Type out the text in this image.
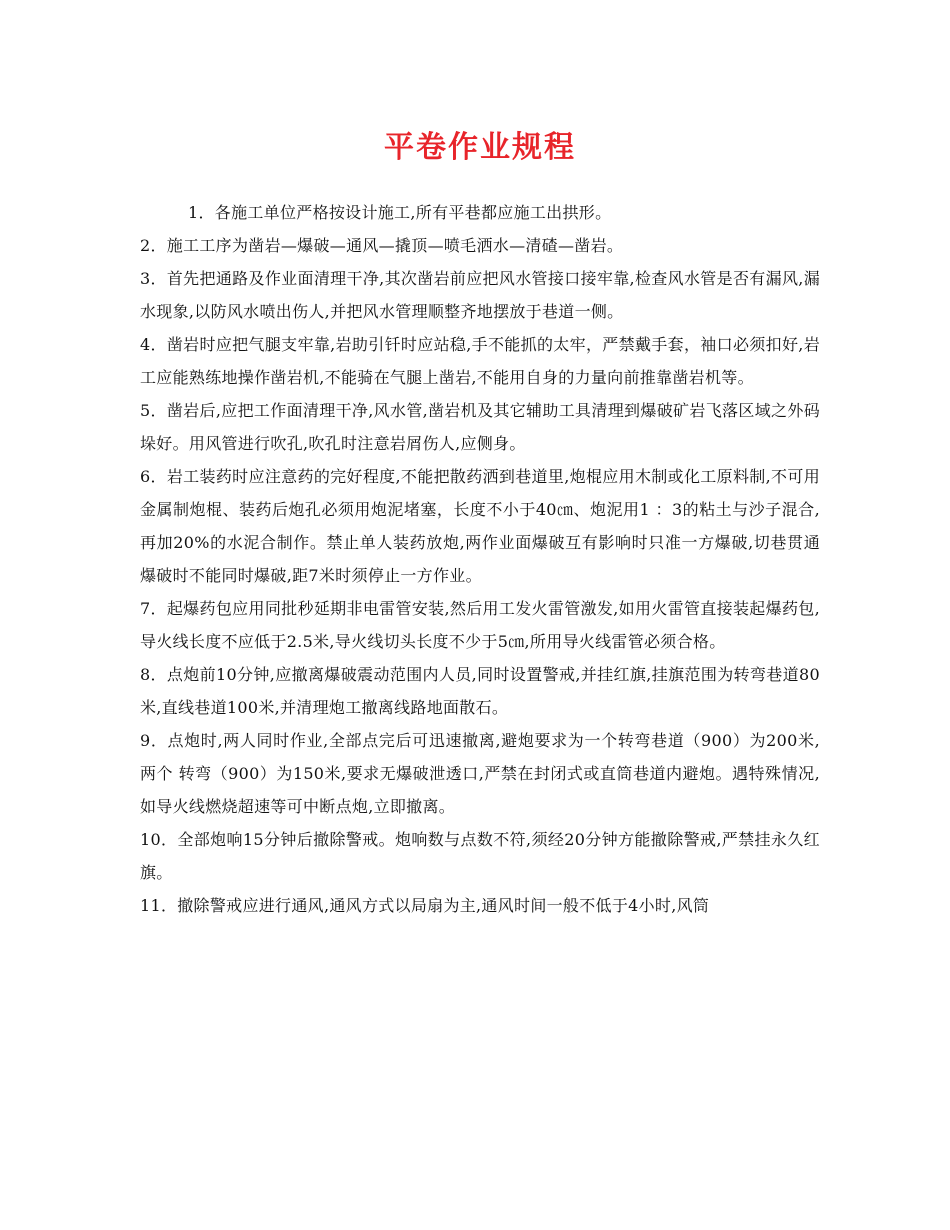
平卷作业规程

1．各施工单位严格按设计施工,所有平巷都应施工出拱形。

2．施工工序为凿岩—爆破—通风—撬顶—喷毛洒水—清碴—凿岩。

3．首先把通路及作业面清理干净,其次凿岩前应把风水管接口接牢靠,检查风水管是否有漏风,漏水现象,以防风水喷出伤人,并把风水管理顺整齐地摆放于巷道一侧。

4．凿岩时应把气腿支牢靠,岩助引钎时应站稳,手不能抓的太牢，严禁戴手套，袖口必须扣好,岩工应能熟练地操作凿岩机,不能骑在气腿上凿岩,不能用自身的力量向前推靠凿岩机等。

5．凿岩后,应把工作面清理干净,风水管,凿岩机及其它辅助工具清理到爆破矿岩飞落区域之外码垛好。用风管进行吹孔,吹孔时注意岩屑伤人,应侧身。

6．岩工装药时应注意药的完好程度,不能把散药洒到巷道里,炮棍应用木制或化工原料制,不可用金属制炮棍、装药后炮孔必须用炮泥堵塞，长度不小于40㎝、炮泥用1 ：3的粘土与沙子混合,再加20%的水泥合制作。禁止单人装药放炮,两作业面爆破互有影响时只准一方爆破,切巷贯通爆破时不能同时爆破,距7米时须停止一方作业。

7．起爆药包应用同批秒延期非电雷管安装,然后用工发火雷管激发,如用火雷管直接装起爆药包,导火线长度不应低于2.5米,导火线切头长度不少于5㎝,所用导火线雷管必须合格。

8．点炮前10分钟,应撤离爆破震动范围内人员,同时设置警戒,并挂红旗,挂旗范围为转弯巷道80米,直线巷道100米,并清理炮工撤离线路地面散石。

9．点炮时,两人同时作业,全部点完后可迅速撤离,避炮要求为一个转弯巷道（900）为200米,两个 转弯（900）为150米,要求无爆破泄透口,严禁在封闭式或直筒巷道内避炮。遇特殊情况,如导火线燃烧超速等可中断点炮,立即撤离。

10．全部炮响15分钟后撤除警戒。炮响数与点数不符,须经20分钟方能撤除警戒,严禁挂永久红旗。

11．撤除警戒应进行通风,通风方式以局扇为主,通风时间一般不低于4小时,风筒
